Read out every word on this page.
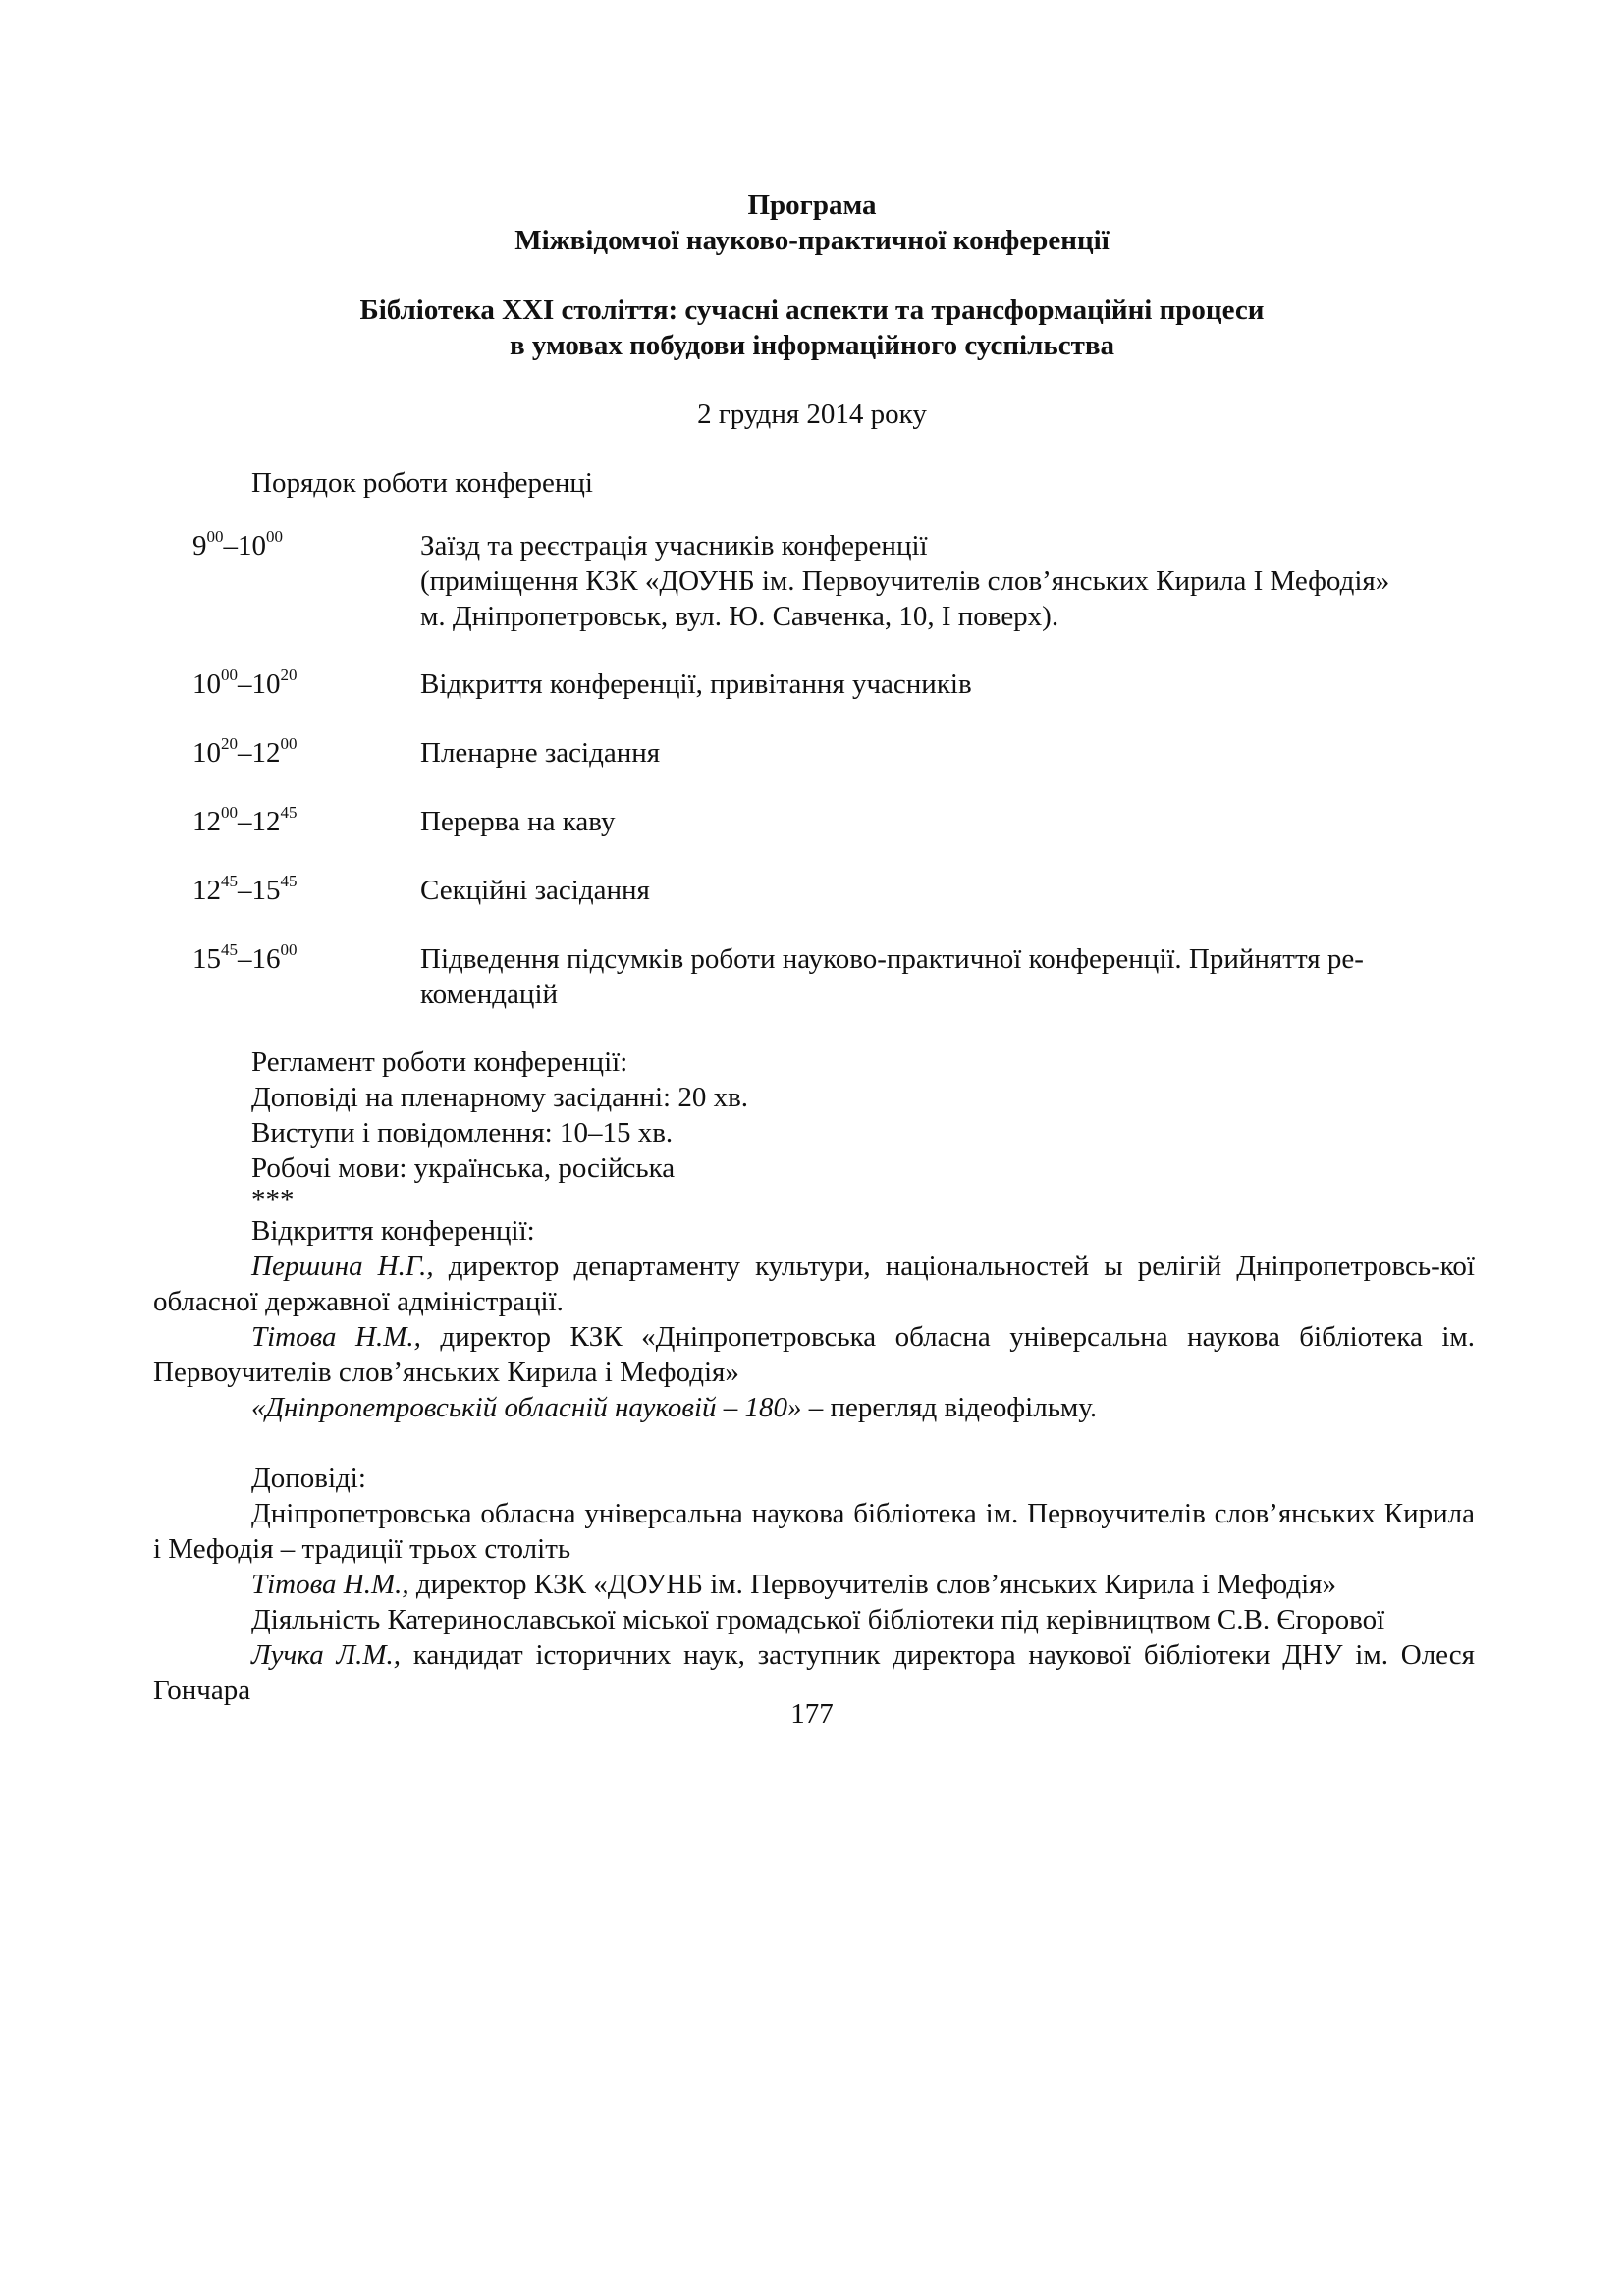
Програма
Міжвідомчої науково-практичної конференції
Бібліотека XXI століття: сучасні аспекти та трансформаційні процеси
в умовах побудови інформаційного суспільства
2 грудня 2014 року
Порядок роботи конференці
$9^{00}-10^{00}$	Заїзд та реєстрація учасників конференції
(приміщення КЗК «ДОУНБ ім. Первоучителів слов’янських Кирила І Мефодія»
м. Дніпропетровськ, вул. Ю. Савченка, 10, І поверх).
$10^{00}-10^{20}$	Відкриття конференції, привітання учасників
$10^{20}-12^{00}$	Пленарне засідання
$12^{00}-12^{45}$	Перерва на каву
$12^{45}-15^{45}$	Секційні засідання
$15^{45}-16^{00}$	Підведення підсумків роботи науково-практичної конференції. Прийняття ре-
комендацій
Регламент роботи конференції:
Доповіді на пленарному засіданні: 20 хв.
Виступи і повідомлення: 10–15 хв.
Робочі мови: українська, російська
***
Відкриття конференції:
Першина Н.Г., директор департаменту культури, національностей ы релігій Дніпропетровсь-кої обласної державної адміністрації.
Тітова Н.М., директор КЗК «Дніпропетровська обласна універсальна наукова бібліотека ім. Первоучителів слов’янських Кирила і Мефодія»
«Дніпропетровській обласній науковій – 180» – перегляд відеофільму.
Доповіді:
Дніпропетровська обласна універсальна наукова бібліотека ім. Первоучителів слов’янських Кирила і Мефодія – традиції трьох століть
Тітова Н.М., директор КЗК «ДОУНБ ім. Первоучителів слов’янських Кирила і Мефодія»
Діяльність Катеринославської міської громадської бібліотеки під керівництвом С.В. Єгорової
Лучка Л.М., кандидат історичних наук, заступник директора наукової бібліотеки ДНУ ім. Олеся Гончара
177
